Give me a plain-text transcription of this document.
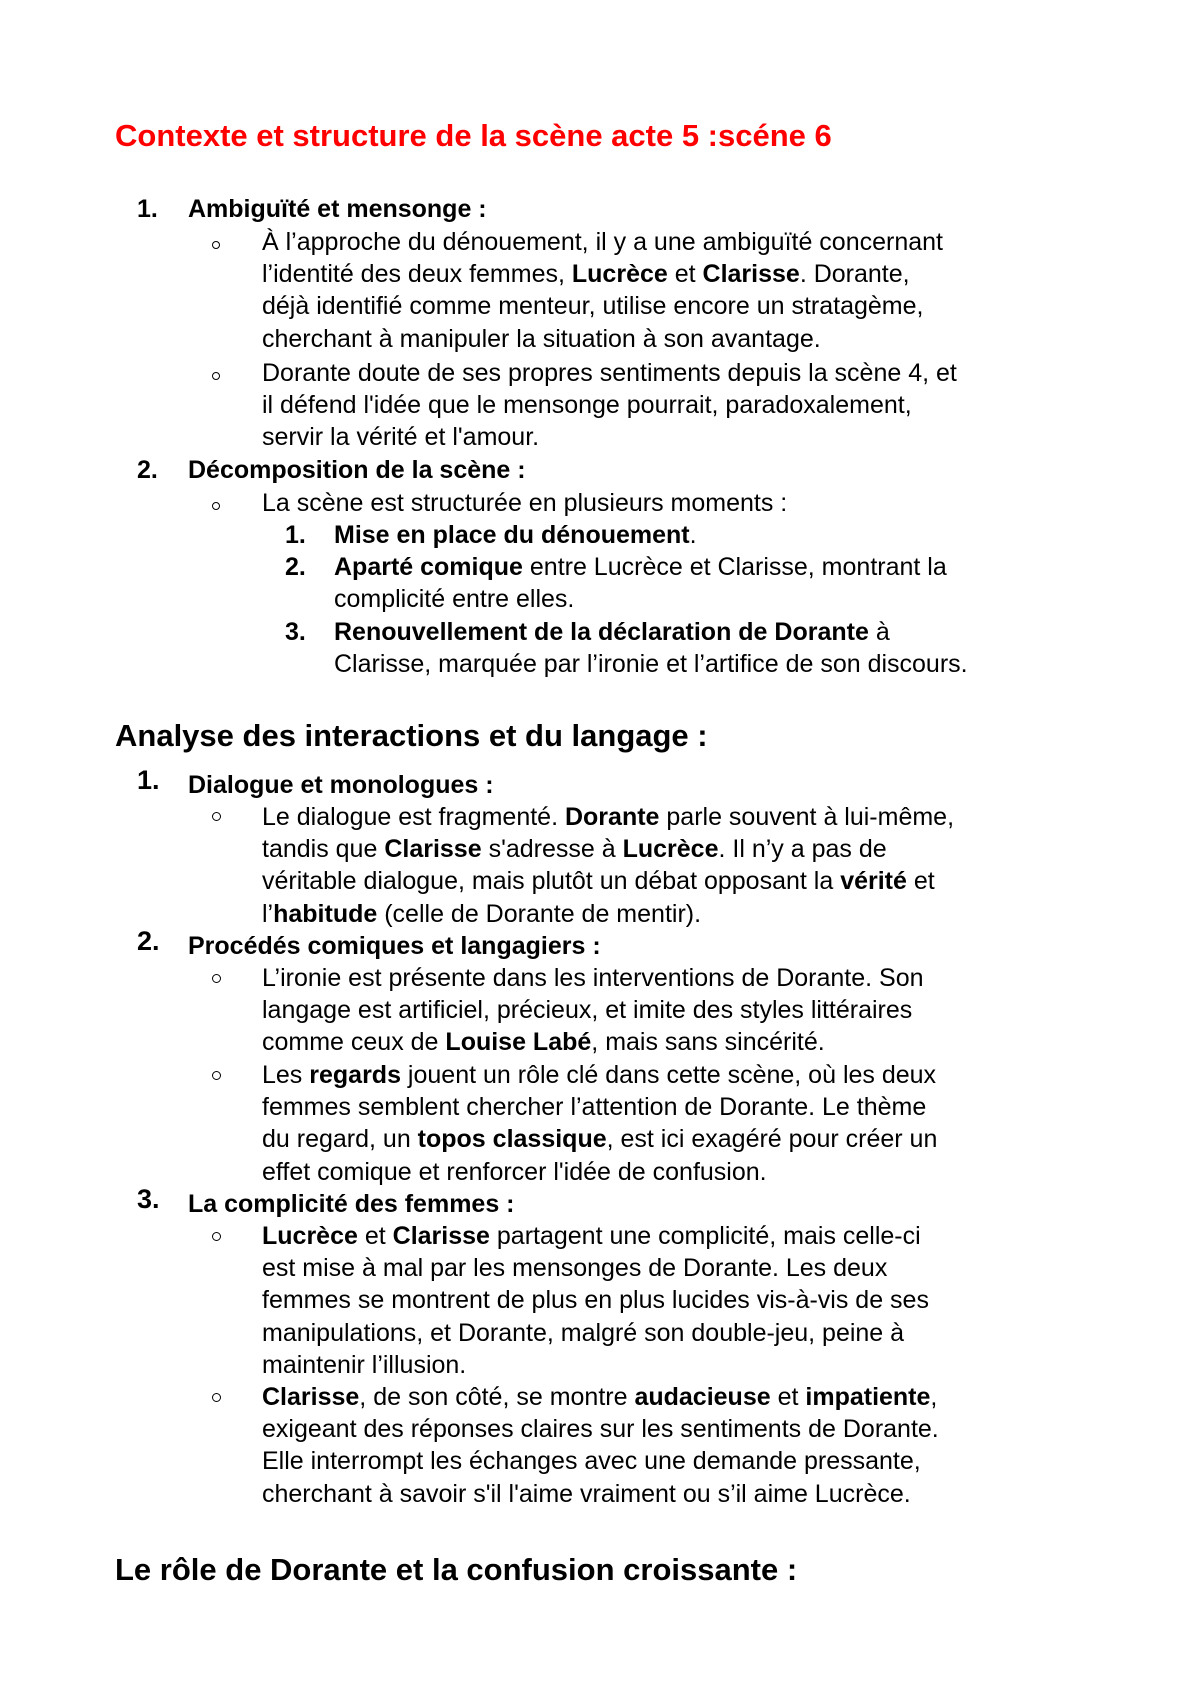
Contexte et structure de la scène acte 5 :scéne 6
1. Ambiguïté et mensonge :

À l’approche du dénouement, il y a une ambiguïté concernant

l’identité des deux femmes, Lucrèce et Clarisse. Dorante,

déjà identifié comme menteur, utilise encore un stratagème,

cherchant à manipuler la situation à son avantage.

Dorante doute de ses propres sentiments depuis la scène 4, et

il défend l'idée que le mensonge pourrait, paradoxalement,

servir la vérité et l'amour.

2. Décomposition de la scène :
La scène est structurée en plusieurs moments :
1. Mise en place du dénouement.

2. Aparté comique entre Lucrèce et Clarisse, montrant la

complicité entre elles.

3. Renouvellement de la déclaration de Dorante à

Clarisse, marquée par l’ironie et l’artifice de son discours.

Analyse des interactions et du langage :
1. Dialogue et monologues :

Le dialogue est fragmenté. Dorante parle souvent à lui-même,

tandis que Clarisse s'adresse à Lucrèce. Il n’y a pas de

véritable dialogue, mais plutôt un débat opposant la vérité et

l’habitude (celle de Dorante de mentir).

2. Procédés comiques et langagiers :

L’ironie est présente dans les interventions de Dorante. Son

langage est artificiel, précieux, et imite des styles littéraires

comme ceux de Louise Labé, mais sans sincérité.

Les regards jouent un rôle clé dans cette scène, où les deux

femmes semblent chercher l’attention de Dorante. Le thème

du regard, un topos classique, est ici exagéré pour créer un

effet comique et renforcer l'idée de confusion.

3. La complicité des femmes :

Lucrèce et Clarisse partagent une complicité, mais celle-ci

est mise à mal par les mensonges de Dorante. Les deux

femmes se montrent de plus en plus lucides vis-à-vis de ses

manipulations, et Dorante, malgré son double-jeu, peine à

maintenir l’illusion.

Clarisse, de son côté, se montre audacieuse et impatiente,

exigeant des réponses claires sur les sentiments de Dorante.

Elle interrompt les échanges avec une demande pressante,

cherchant à savoir s'il l'aime vraiment ou s’il aime Lucrèce.

Le rôle de Dorante et la confusion croissante :
